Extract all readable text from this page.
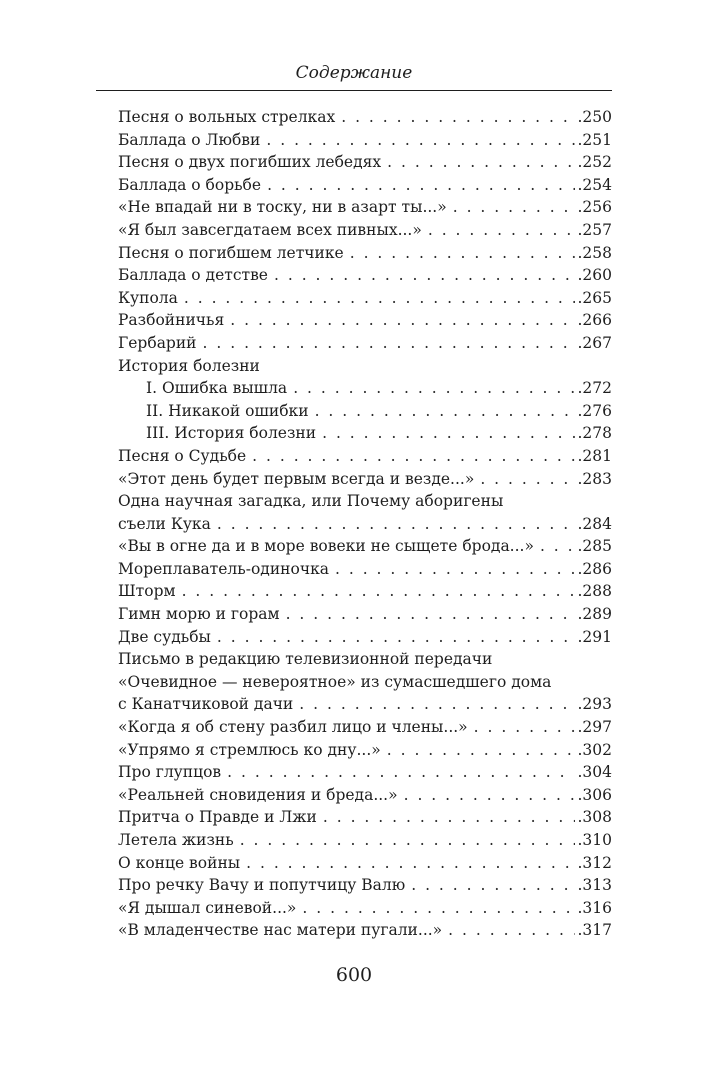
Содержание
Песня о вольных стрелках . . .	.250
Баллада о Любви . . .	.251
Песня о двух погибших лебедях . . .	.252
Баллада о борьбе . . .	.254
«Не впадай ни в тоску, ни в азарт ты...» . . .	.256
«Я был завсегдатаем всех пивных...» . . .	.257
Песня о погибшем летчике . . .	.258
Баллада о детстве . . .	.260
Купола . . .	.265
Разбойничья . . .	.266
Гербарий . . .	.267
История болезни
I. Ошибка вышла . . .	.272
II. Никакой ошибки . . .	.276
III. История болезни . . .	.278
Песня о Судьбе . . .	.281
«Этот день будет первым всегда и везде...» . . .	.283
Одна научная загадка, или Почему аборигены
съели Кука . . .	.284
«Вы в огне да и в море вовеки не сыщете брода...» . . .	.285
Мореплаватель-одиночка . . .	.286
Шторм . . .	.288
Гимн морю и горам . . .	.289
Две судьбы . . .	.291
Письмо в редакцию телевизионной передачи
«Очевидное — невероятное» из сумасшедшего дома
с Канатчиковой дачи . . .	.293
«Когда я об стену разбил лицо и члены...» . . .	.297
«Упрямо я стремлюсь ко дну...» . . .	.302
Про глупцов . . .	.304
«Реальней сновидения и бреда...» . . .	.306
Притча о Правде и Лжи . . .	.308
Летела жизнь . . .	.310
О конце войны . . .	.312
Про речку Вачу и попутчицу Валю . . .	.313
«Я дышал синевой...» . . .	.316
«В младенчестве нас матери пугали...» . . .	.317
600
